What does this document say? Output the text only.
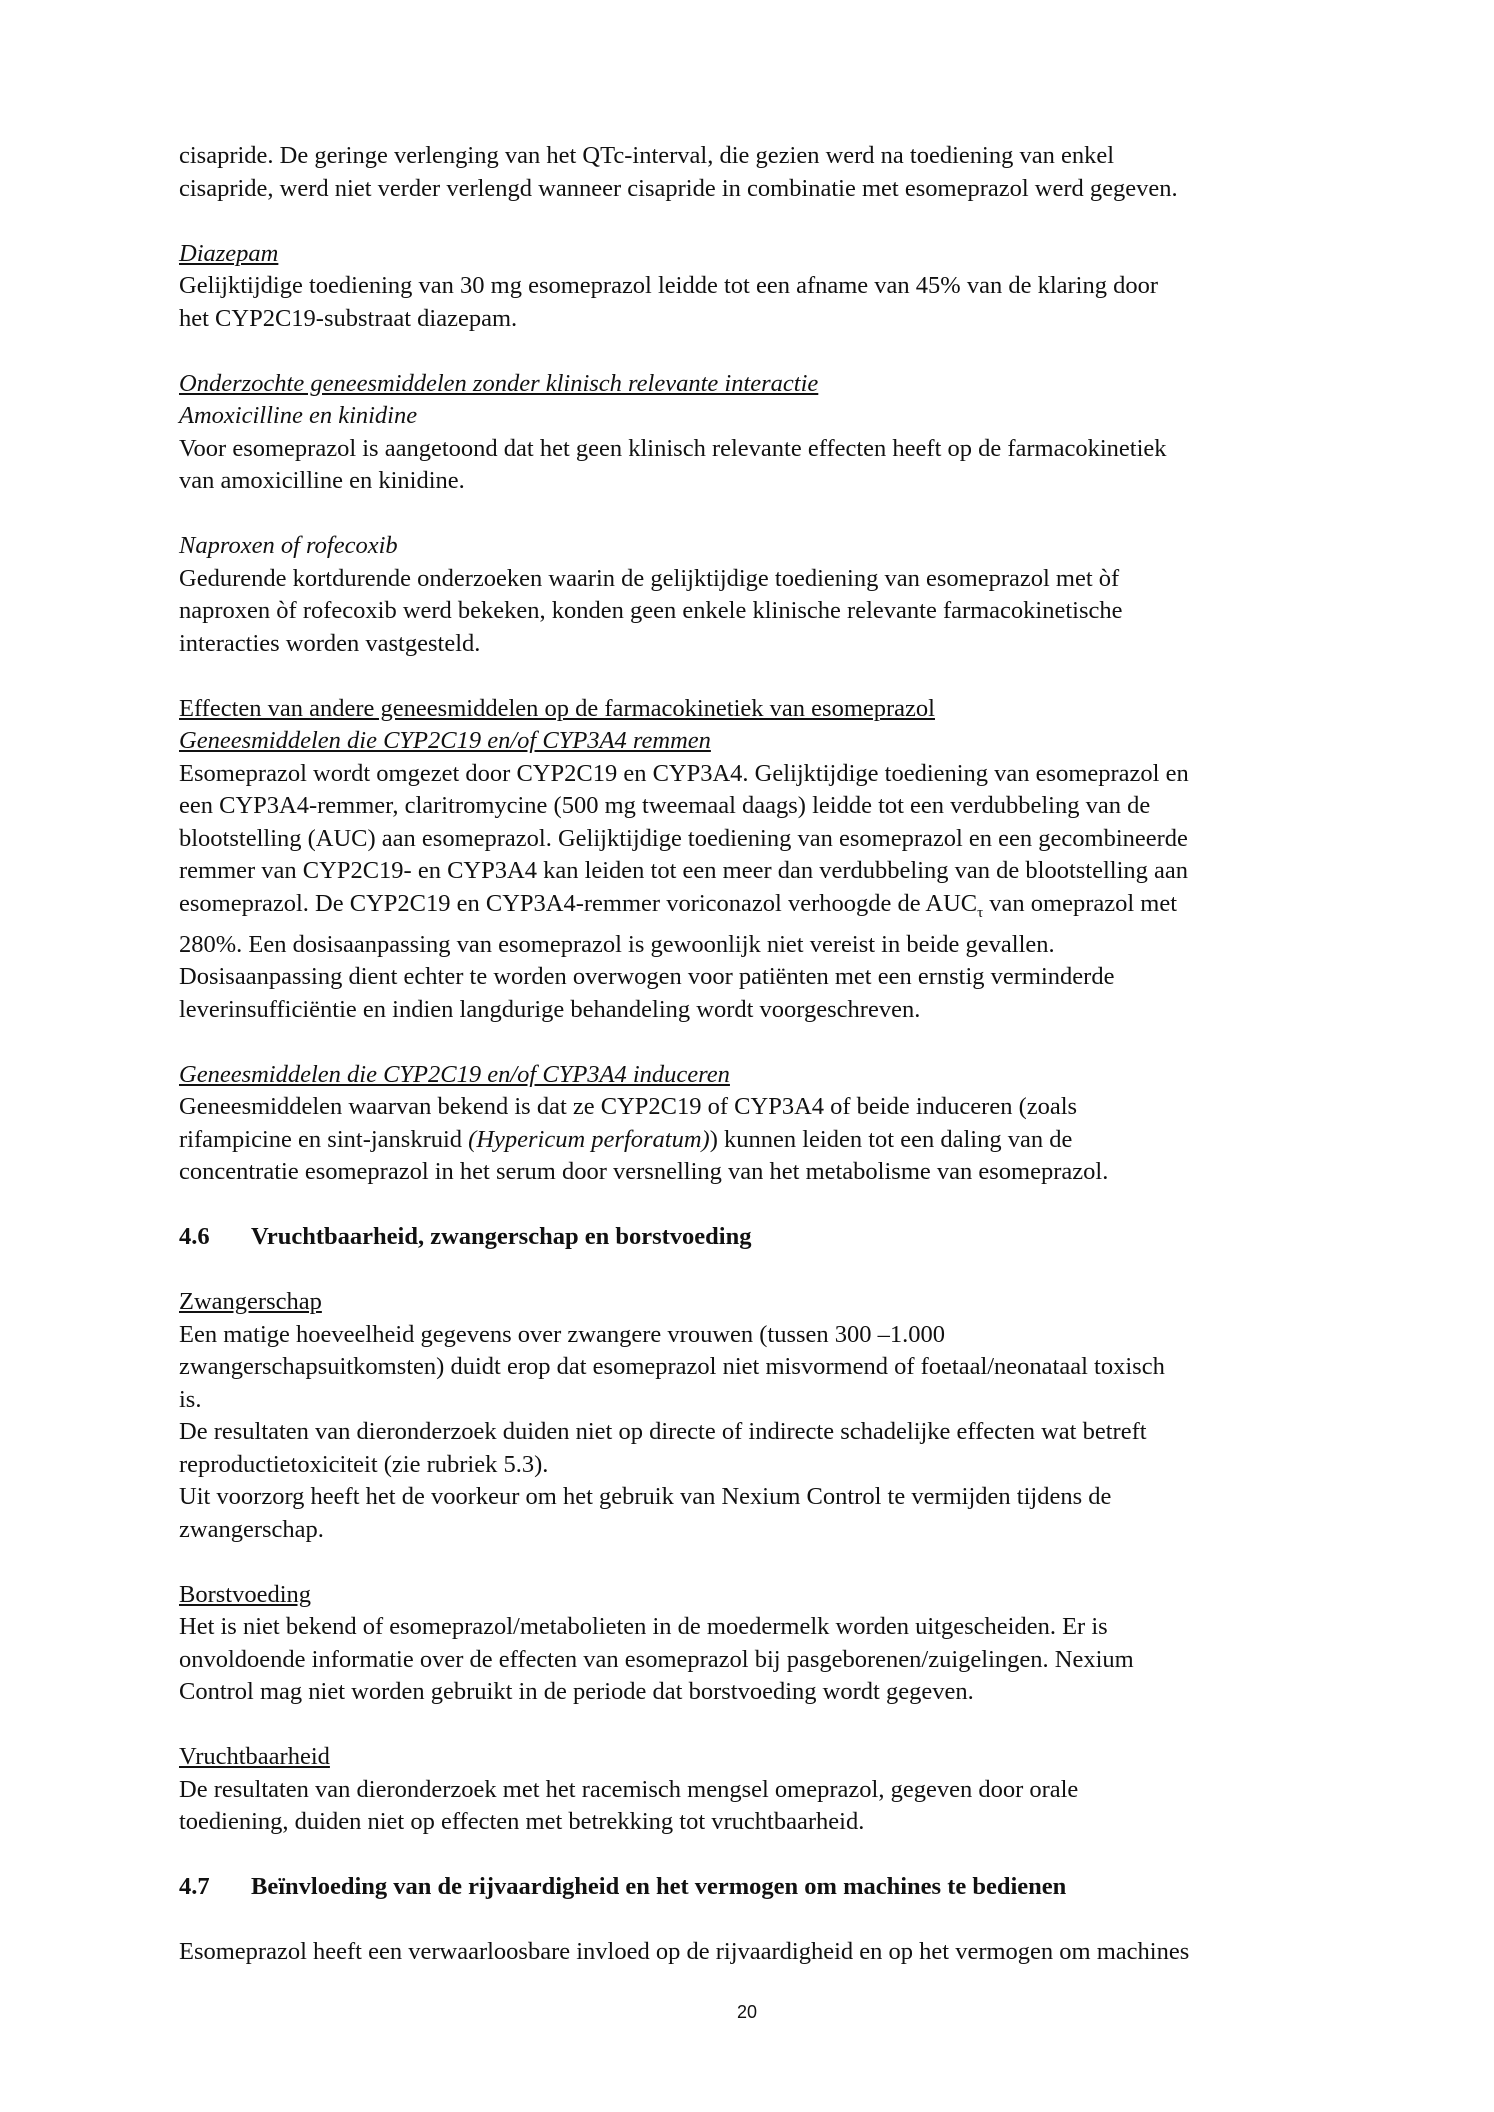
cisapride. De geringe verlenging van het QTc-interval, die gezien werd na toediening van enkel

cisapride, werd niet verder verlengd wanneer cisapride in combinatie met esomeprazol werd gegeven.

Diazepam

Gelijktijdige toediening van 30 mg esomeprazol leidde tot een afname van 45% van de klaring door

het CYP2C19-substraat diazepam.

Onderzochte geneesmiddelen zonder klinisch relevante interactie

Amoxicilline en kinidine

Voor esomeprazol is aangetoond dat het geen klinisch relevante effecten heeft op de farmacokinetiek

van amoxicilline en kinidine.

Naproxen of rofecoxib

Gedurende kortdurende onderzoeken waarin de gelijktijdige toediening van esomeprazol met òf

naproxen òf rofecoxib werd bekeken, konden geen enkele klinische relevante farmacokinetische

interacties worden vastgesteld.

Effecten van andere geneesmiddelen op de farmacokinetiek van esomeprazol

Geneesmiddelen die CYP2C19 en/of CYP3A4 remmen

Esomeprazol wordt omgezet door CYP2C19 en CYP3A4. Gelijktijdige toediening van esomeprazol en

een CYP3A4-remmer, claritromycine (500 mg tweemaal daags) leidde tot een verdubbeling van de

blootstelling (AUC) aan esomeprazol. Gelijktijdige toediening van esomeprazol en een gecombineerde

remmer van CYP2C19- en CYP3A4 kan leiden tot een meer dan verdubbeling van de blootstelling aan

esomeprazol. De CYP2C19 en CYP3A4-remmer voriconazol verhoogde de $AUC_\tau$ van omeprazol met

280%. Een dosisaanpassing van esomeprazol is gewoonlijk niet vereist in beide gevallen.

Dosisaanpassing dient echter te worden overwogen voor patiënten met een ernstig verminderde

leverinsufficiëntie en indien langdurige behandeling wordt voorgeschreven.

Geneesmiddelen die CYP2C19 en/of CYP3A4 induceren

Geneesmiddelen waarvan bekend is dat ze CYP2C19 of CYP3A4 of beide induceren (zoals

rifampicine en sint-janskruid (Hypericum perforatum)) kunnen leiden tot een daling van de

concentratie esomeprazol in het serum door versnelling van het metabolisme van esomeprazol.

4.6 Vruchtbaarheid, zwangerschap en borstvoeding

Zwangerschap

Een matige hoeveelheid gegevens over zwangere vrouwen (tussen 300 –1.000

zwangerschapsuitkomsten) duidt erop dat esomeprazol niet misvormend of foetaal/neonataal toxisch

is.

De resultaten van dieronderzoek duiden niet op directe of indirecte schadelijke effecten wat betreft

reproductietoxiciteit (zie rubriek 5.3).

Uit voorzorg heeft het de voorkeur om het gebruik van Nexium Control te vermijden tijdens de

zwangerschap.

Borstvoeding

Het is niet bekend of esomeprazol/metabolieten in de moedermelk worden uitgescheiden. Er is

onvoldoende informatie over de effecten van esomeprazol bij pasgeborenen/zuigelingen. Nexium

Control mag niet worden gebruikt in de periode dat borstvoeding wordt gegeven.

Vruchtbaarheid

De resultaten van dieronderzoek met het racemisch mengsel omeprazol, gegeven door orale

toediening, duiden niet op effecten met betrekking tot vruchtbaarheid.

4.7 Beïnvloeding van de rijvaardigheid en het vermogen om machines te bedienen

Esomeprazol heeft een verwaarloosbare invloed op de rijvaardigheid en op het vermogen om machines

20
